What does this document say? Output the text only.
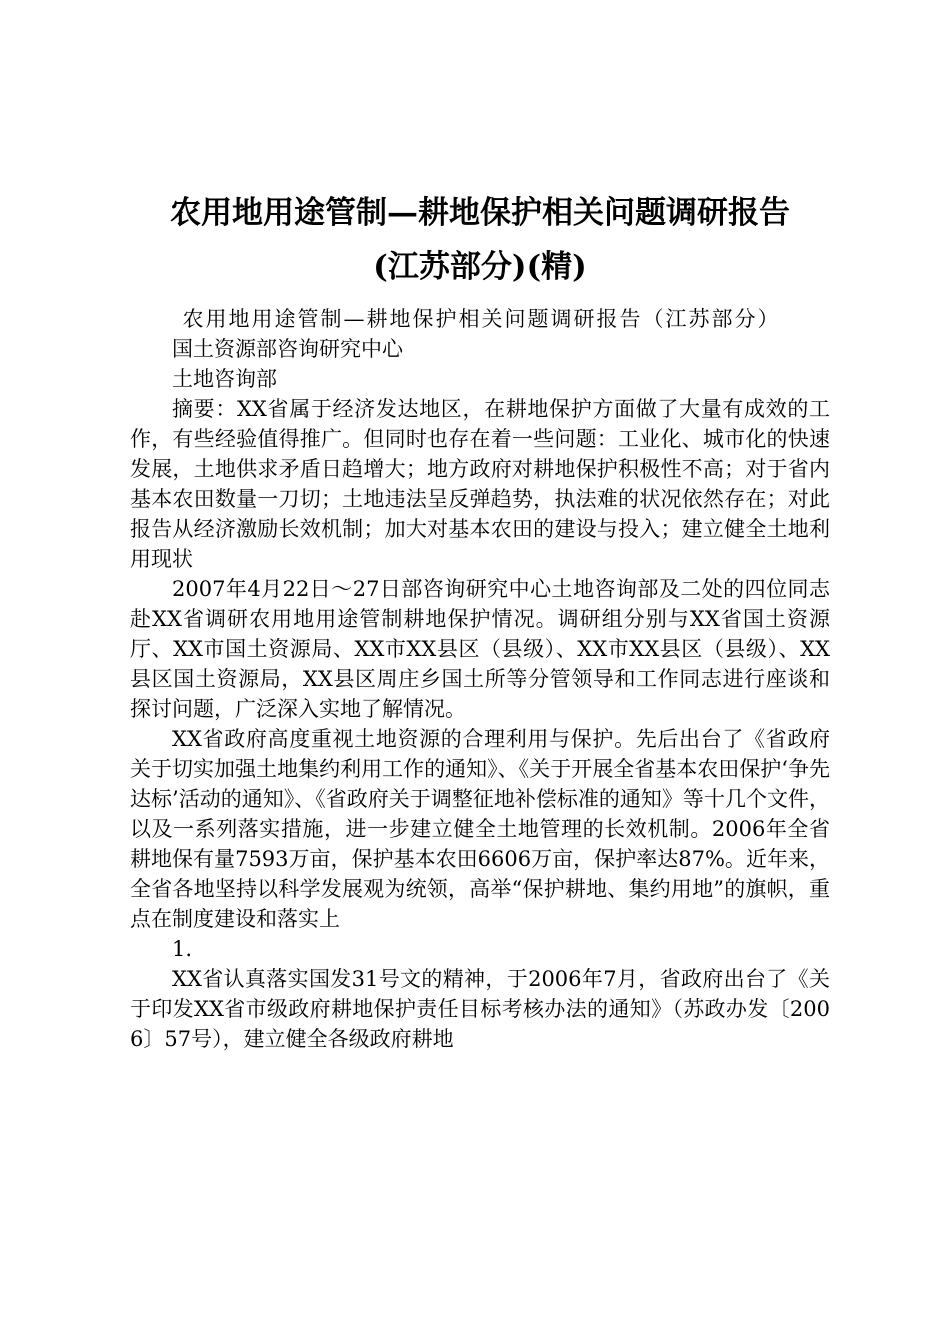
农用地用途管制—耕地保护相关问题调研报告
(江苏部分)(精)

农用地用途管制—耕地保护相关问题调研报告（江苏部分）

国土资源部咨询研究中心

土地咨询部

摘要：XX省属于经济发达地区，在耕地保护方面做了大量有成效的工作，有些经验值得推广。但同时也存在着一些问题：工业化、城市化的快速发展，土地供求矛盾日趋增大；地方政府对耕地保护积极性不高；对于省内基本农田数量一刀切；土地违法呈反弹趋势，执法难的状况依然存在；对此报告从经济激励长效机制；加大对基本农田的建设与投入；建立健全土地利用现状

2007年4月22日～27日部咨询研究中心土地咨询部及二处的四位同志赴XX省调研农用地用途管制耕地保护情况。调研组分别与XX省国土资源厅、XX市国土资源局、XX市XX县区（县级）、XX市XX县区（县级）、XX县区国土资源局，XX县区周庄乡国土所等分管领导和工作同志进行座谈和探讨问题，广泛深入实地了解情况。

XX省政府高度重视土地资源的合理利用与保护。先后出台了《省政府关于切实加强土地集约利用工作的通知》、《关于开展全省基本农田保护‘争先达标’活动的通知》、《省政府关于调整征地补偿标准的通知》等十几个文件，以及一系列落实措施，进一步建立健全土地管理的长效机制。2006年全省耕地保有量7593万亩，保护基本农田6606万亩，保护率达87%。近年来，全省各地坚持以科学发展观为统领，高举“保护耕地、集约用地”的旗帜，重点在制度建设和落实上

1.

XX省认真落实国发31号文的精神，于2006年7月，省政府出台了《关于印发XX省市级政府耕地保护责任目标考核办法的通知》（苏政办发〔2006〕57号），建立健全各级政府耕地
